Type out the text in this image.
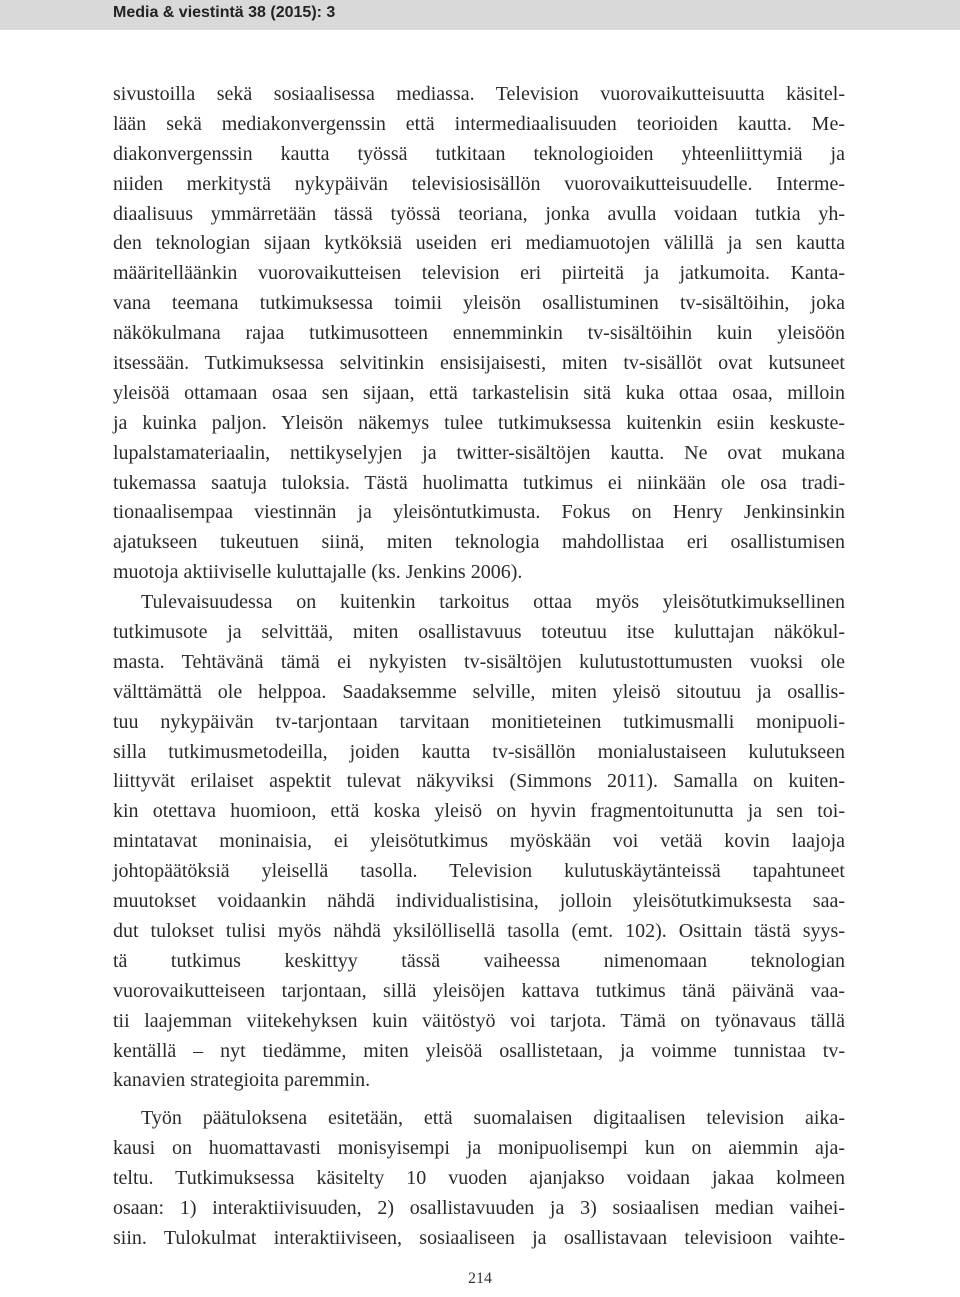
Media & viestintä 38 (2015): 3
sivustoilla sekä sosiaalisessa mediassa. Television vuorovaikutteisuutta käsitel-
lään sekä mediakonvergenssin että intermediaalisuuden teorioiden kautta. Me-
diakonvergenssin kautta työssä tutkitaan teknologioiden yhteenliittymiä ja
niiden merkitystä nykypäivän televisiosisällön vuorovaikutteisuudelle. Interme-
diaalisuus ymmärretään tässä työssä teoriana, jonka avulla voidaan tutkia yh-
den teknologian sijaan kytköksiä useiden eri mediamuotojen välillä ja sen kautta
määritelläänkin vuorovaikutteisen television eri piirteitä ja jatkumoita. Kanta-
vana teemana tutkimuksessa toimii yleisön osallistuminen tv-sisältöihin, joka
näkökulmana rajaa tutkimusotteen ennemminkin tv-sisältöihin kuin yleisöön
itsessään. Tutkimuksessa selvitinkin ensisijaisesti, miten tv-sisällöt ovat kutsuneet
yleisöä ottamaan osaa sen sijaan, että tarkastelisin sitä kuka ottaa osaa, milloin
ja kuinka paljon. Yleisön näkemys tulee tutkimuksessa kuitenkin esiin keskuste-
lupalstamateriaalin, nettikyselyjen ja twitter-sisältöjen kautta. Ne ovat mukana
tukemassa saatuja tuloksia. Tästä huolimatta tutkimus ei niinkään ole osa tradi-
tionaalisempaa viestinnän ja yleisöntutkimusta. Fokus on Henry Jenkinsinkin
ajatukseen tukeutuen siinä, miten teknologia mahdollistaa eri osallistumisen
muotoja aktiiviselle kuluttajalle (ks. Jenkins 2006).
Tulevaisuudessa on kuitenkin tarkoitus ottaa myös yleisötutkimuksellinen
tutkimusote ja selvittää, miten osallistavuus toteutuu itse kuluttajan näkökul-
masta. Tehtävänä tämä ei nykyisten tv-sisältöjen kulutustottumusten vuoksi ole
välttämättä ole helppoa. Saadaksemme selville, miten yleisö sitoutuu ja osallis-
tuu nykypäivän tv-tarjontaan tarvitaan monitieteinen tutkimusmalli monipuoli-
silla tutkimusmetodeilla, joiden kautta tv-sisällön monialustaiseen kulutukseen
liittyvät erilaiset aspektit tulevat näkyviksi (Simmons 2011). Samalla on kuiten-
kin otettava huomioon, että koska yleisö on hyvin fragmentoitunutta ja sen toi-
mintatavat moninaisia, ei yleisötutkimus myöskään voi vetää kovin laajoja
johtopäätöksiä yleisellä tasolla. Television kulutuskäytänteissä tapahtuneet
muutokset voidaankin nähdä individualistisina, jolloin yleisötutkimuksesta saa-
dut tulokset tulisi myös nähdä yksilöllisellä tasolla (emt. 102). Osittain tästä syys-
tä tutkimus keskittyy tässä vaiheessa nimenomaan teknologian
vuorovaikutteiseen tarjontaan, sillä yleisöjen kattava tutkimus tänä päivänä vaa-
tii laajemman viitekehyksen kuin väitöstyö voi tarjota. Tämä on työnavaus tällä
kentällä – nyt tiedämme, miten yleisöä osallistetaan, ja voimme tunnistaa tv-
kanavien strategioita paremmin.
Työn päätuloksena esitetään, että suomalaisen digitaalisen television aika-
kausi on huomattavasti monisyisempi ja monipuolisempi kun on aiemmin aja-
teltu. Tutkimuksessa käsitelty 10 vuoden ajanjakso voidaan jakaa kolmeen
osaan: 1) interaktiivisuuden, 2) osallistavuuden ja 3) sosiaalisen median vaihei-
siin. Tulokulmat interaktiiviseen, sosiaaliseen ja osallistavaan televisioon vaihte-
214
